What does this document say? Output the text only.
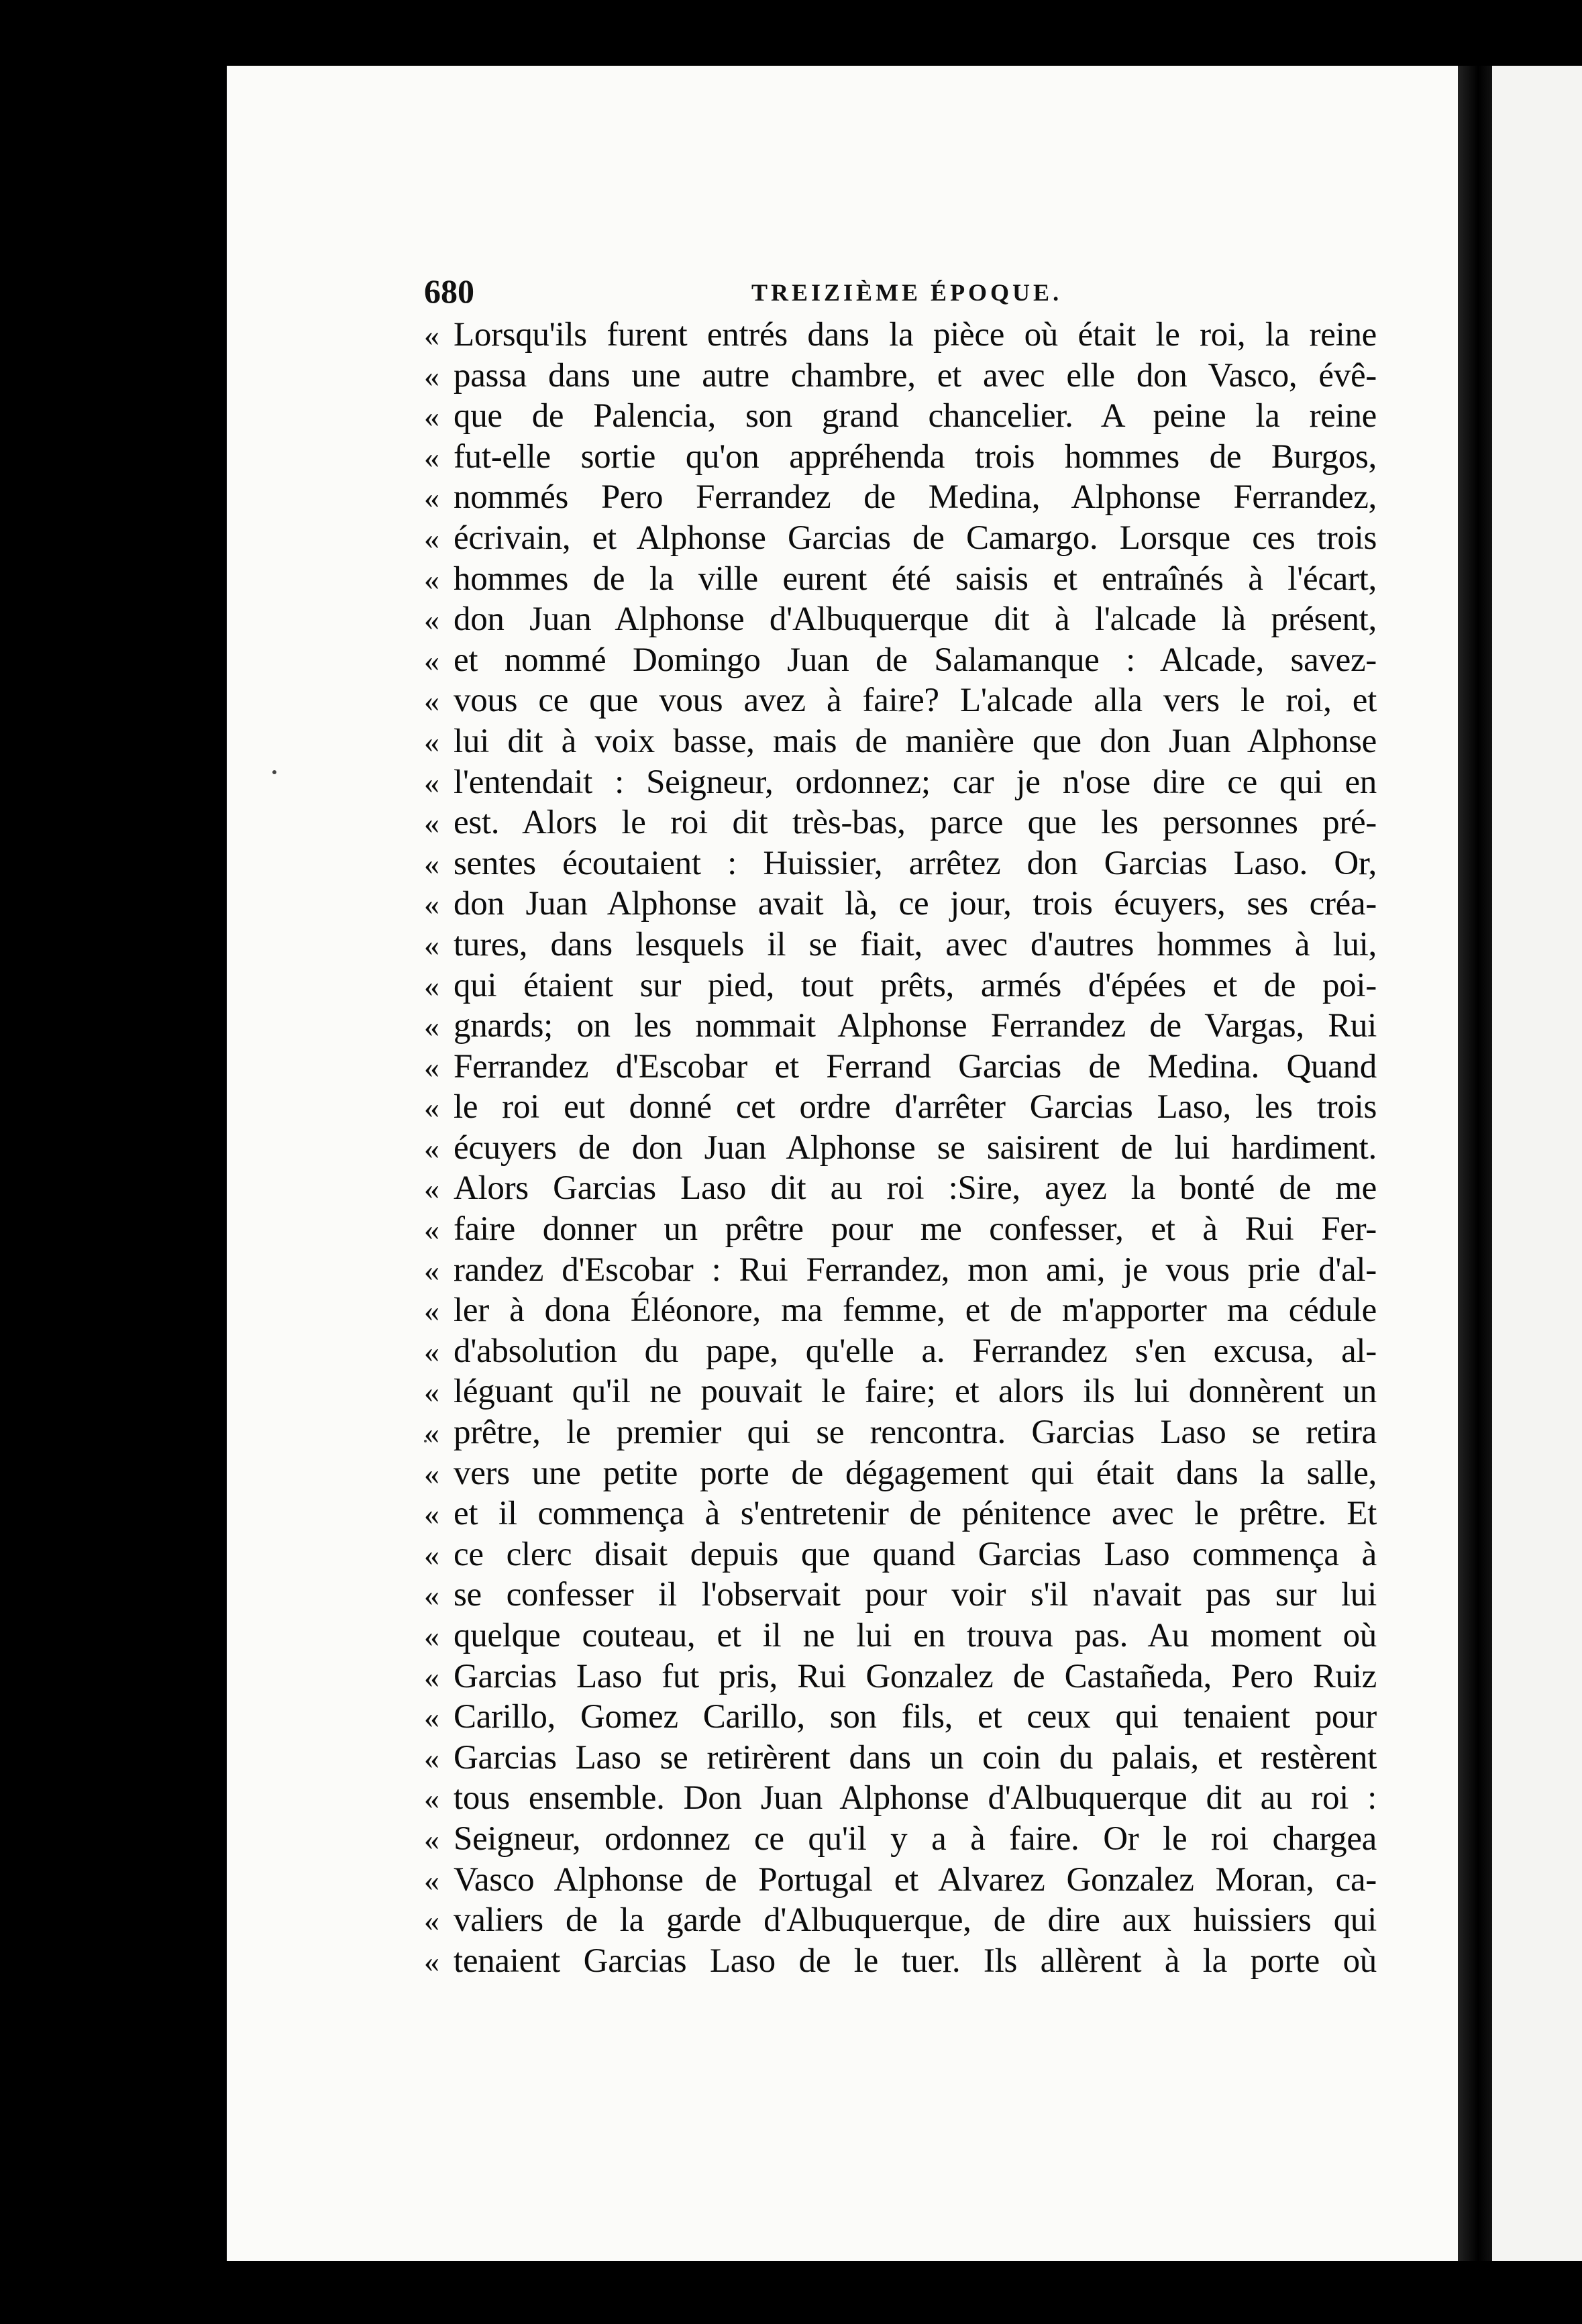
680	TREIZIÈME ÉPOQUE.
« Lorsqu'ils furent entrés dans la pièce où était le roi, la reine
« passa dans une autre chambre, et avec elle don Vasco, évê-
« que de Palencia, son grand chancelier. A peine la reine
« fut-elle sortie qu'on appréhenda trois hommes de Burgos,
« nommés Pero Ferrandez de Medina, Alphonse Ferrandez,
« écrivain, et Alphonse Garcias de Camargo. Lorsque ces trois
« hommes de la ville eurent été saisis et entraînés à l'écart,
« don Juan Alphonse d'Albuquerque dit à l'alcade là présent,
« et nommé Domingo Juan de Salamanque : Alcade, savez-
« vous ce que vous avez à faire? L'alcade alla vers le roi, et
« lui dit à voix basse, mais de manière que don Juan Alphonse
« l'entendait : Seigneur, ordonnez; car je n'ose dire ce qui en
« est. Alors le roi dit très-bas, parce que les personnes pré-
« sentes écoutaient : Huissier, arrêtez don Garcias Laso. Or,
« don Juan Alphonse avait là, ce jour, trois écuyers, ses créa-
« tures, dans lesquels il se fiait, avec d'autres hommes à lui,
« qui étaient sur pied, tout prêts, armés d'épées et de poi-
« gnards; on les nommait Alphonse Ferrandez de Vargas, Rui
« Ferrandez d'Escobar et Ferrand Garcias de Medina. Quand
« le roi eut donné cet ordre d'arrêter Garcias Laso, les trois
« écuyers de don Juan Alphonse se saisirent de lui hardiment.
« Alors Garcias Laso dit au roi :Sire, ayez la bonté de me
« faire donner un prêtre pour me confesser, et à Rui Fer-
« randez d'Escobar : Rui Ferrandez, mon ami, je vous prie d'al-
« ler à dona Éléonore, ma femme, et de m'apporter ma cédule
« d'absolution du pape, qu'elle a. Ferrandez s'en excusa, al-
« léguant qu'il ne pouvait le faire; et alors ils lui donnèrent un
« prêtre, le premier qui se rencontra. Garcias Laso se retira
« vers une petite porte de dégagement qui était dans la salle,
« et il commença à s'entretenir de pénitence avec le prêtre. Et
« ce clerc disait depuis que quand Garcias Laso commença à
« se confesser il l'observait pour voir s'il n'avait pas sur lui
« quelque couteau, et il ne lui en trouva pas. Au moment où
« Garcias Laso fut pris, Rui Gonzalez de Castañeda, Pero Ruiz
« Carillo, Gomez Carillo, son fils, et ceux qui tenaient pour
« Garcias Laso se retirèrent dans un coin du palais, et restèrent
« tous ensemble. Don Juan Alphonse d'Albuquerque dit au roi :
« Seigneur, ordonnez ce qu'il y a à faire. Or le roi chargea
« Vasco Alphonse de Portugal et Alvarez Gonzalez Moran, ca-
« valiers de la garde d'Albuquerque, de dire aux huissiers qui
« tenaient Garcias Laso de le tuer. Ils allèrent à la porte où
